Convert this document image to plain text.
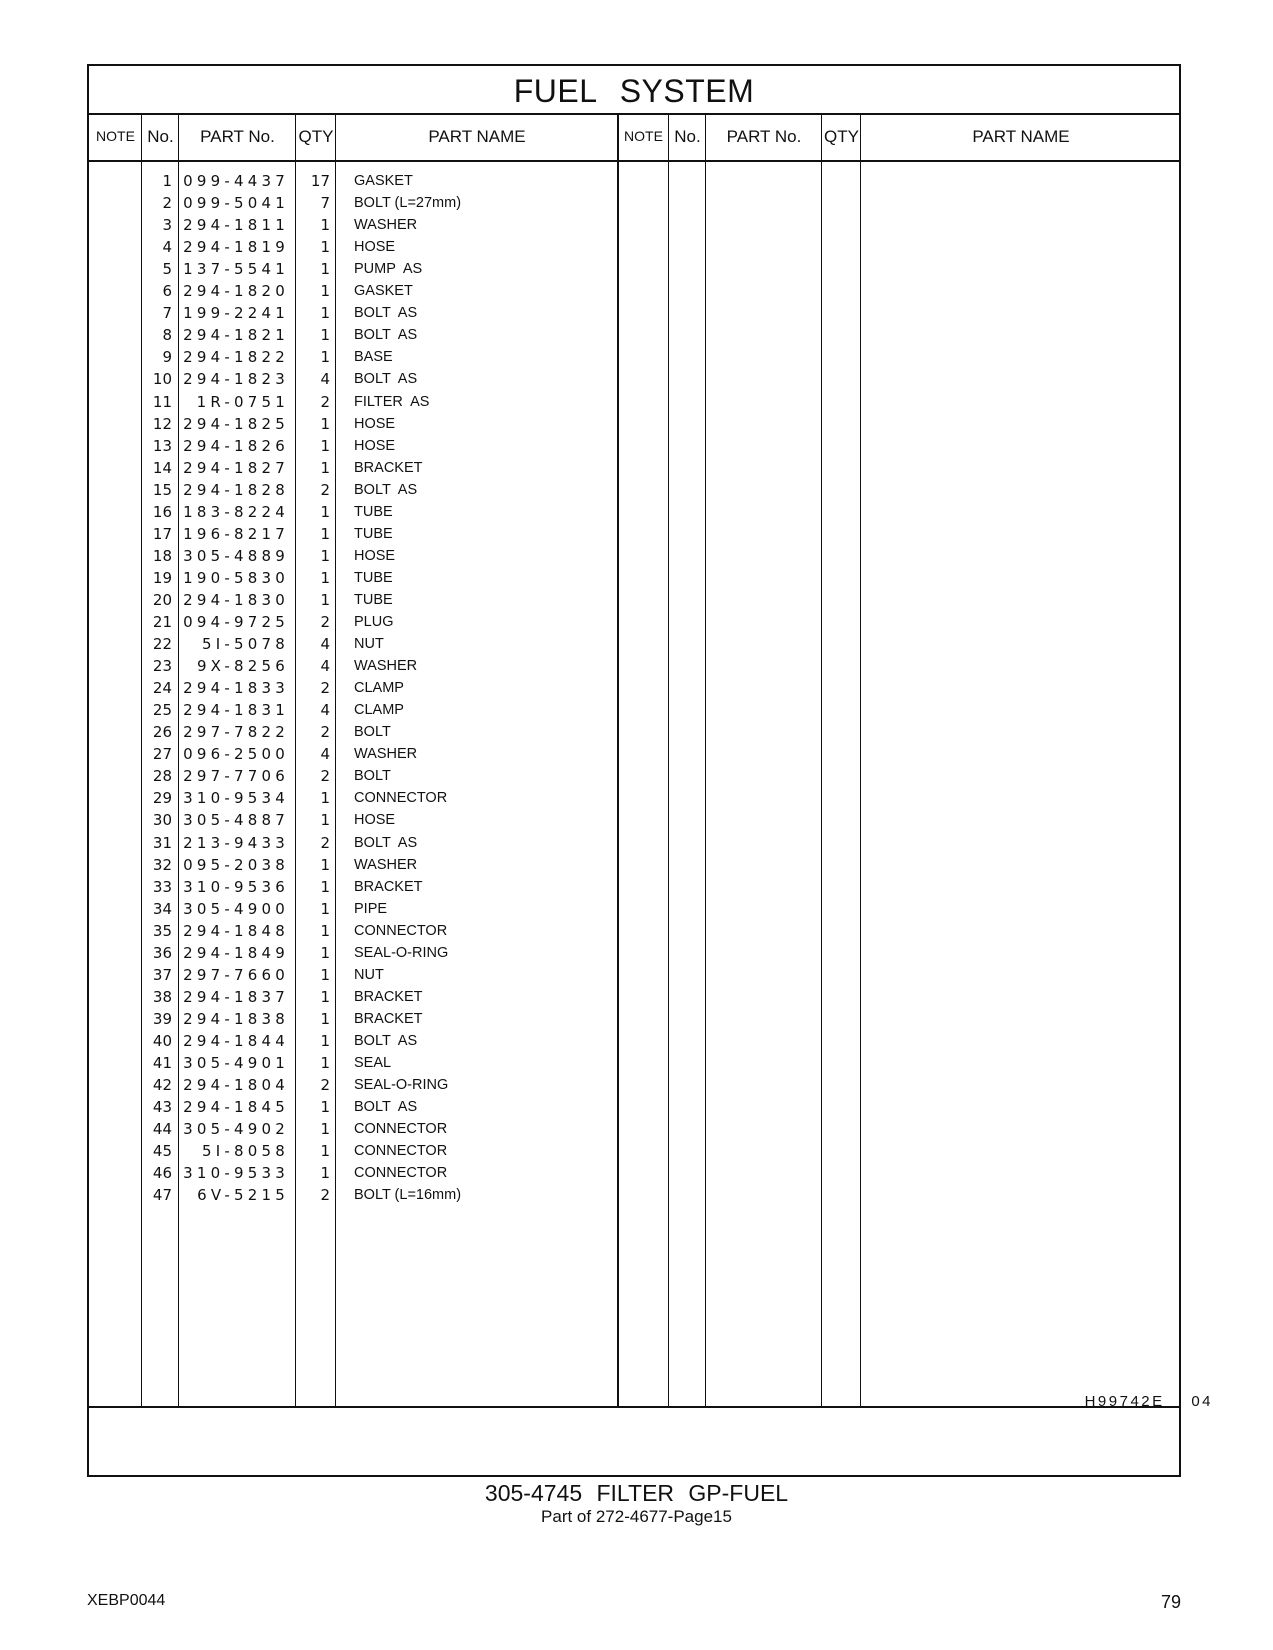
FUEL SYSTEM
NOTE No.	PART No.	QTY	PART NAME	NOTE No.	PART No.	QTY	PART NAME
1 099-4437	17 GASKET
2 099-5041	7 BOLT (L=27mm)
3 294-1811	1 WASHER
4 294-1819	1 HOSE
5 137-5541	1 PUMP  AS
6 294-1820	1 GASKET
7 199-2241	1 BOLT  AS
8 294-1821	1 BOLT  AS
9 294-1822	1 BASE
10 294-1823	4 BOLT  AS
11	1R-0751	2 FILTER  AS
12 294-1825	1 HOSE
13 294-1826	1 HOSE
14 294-1827	1 BRACKET
15 294-1828	2 BOLT  AS
16 183-8224	1 TUBE
17 196-8217	1 TUBE
18 305-4889	1 HOSE
19 190-5830	1 TUBE
20 294-1830	1 TUBE
21 094-9725	2 PLUG
22	5I-5078	4 NUT
23	9X-8256	4 WASHER
24 294-1833	2 CLAMP
25 294-1831	4 CLAMP
26 297-7822	2 BOLT
27 096-2500	4 WASHER
28 297-7706	2 BOLT
29 310-9534	1 CONNECTOR
30 305-4887	1 HOSE
31 213-9433	2 BOLT  AS
32 095-2038	1 WASHER
33 310-9536	1 BRACKET
34 305-4900	1 PIPE
35 294-1848	1 CONNECTOR
36 294-1849	1 SEAL-O-RING
37 297-7660	1 NUT
38 294-1837	1 BRACKET
39 294-1838	1 BRACKET
40 294-1844	1 BOLT  AS
41 305-4901	1 SEAL
42 294-1804	2 SEAL-O-RING
43 294-1845	1 BOLT  AS
44 305-4902	1 CONNECTOR
45	5I-8058	1 CONNECTOR
46 310-9533	1 CONNECTOR
47	6V-5215	2 BOLT (L=16mm)
H99742E    04
305-4745 FILTER GP-FUEL
Part of 272-4677-Page15
XEBP0044	79
